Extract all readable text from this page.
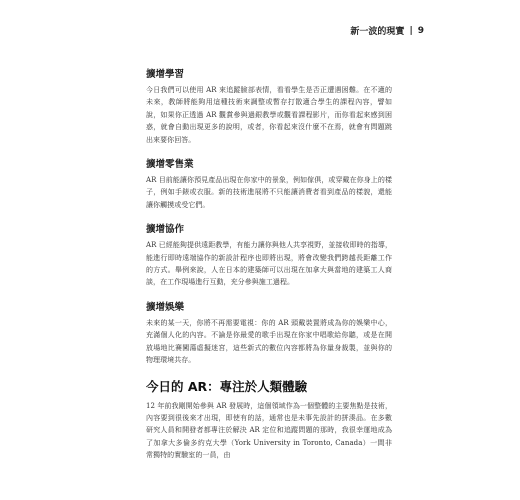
新一波的現實 | 9
擴增學習

今日我們可以使用 AR 來追蹤臉部表情，看看學生是否正遭遇困難。在不適的未來，教師將能夠用這種技術來調整或暫存打散適合學生的課程內容，譬如說，如果你正透過 AR 觀賞參與過銀教學或觀看課程影片，而你看起來感到困惑，就會自動出現更多的說明，或者，你看起來沒什麼不在焉，就會有問題跳出來要你回答。

擴增零售業

AR 目前能讓你預見產品出現在你家中的景象，例如傢俱，或穿戴在你身上的樣子，例如手錶或衣服。新的技術進展將不只能讓消費者看到產品的樣貌，還能讓你觸摸或受它們。

擴增協作

AR 已經能夠提供遠距教學，有能力讓你與他人共享視野，並接收即時的指導，能進行即時遠端協作的新設計程序也即將出現，將會改變我們跨越長距離工作的方式。舉例來說，人在日本的建築師可以出現在加拿大與當地的建築工人商談，在工作現場進行互動，充分參與施工過程。

擴增娛樂

未來的某一天，你將不再需要電視：你的 AR 頭戴裝置將成為你的娛樂中心，充滿個人化的內容。不論是你最愛的歌手出現在你家中唱歌給你聽，或是在開放場地比賽闖蕩虛擬迷宮，這些新式的數位內容都將為你量身裁製，並與你的物理環境共存。

今日的 AR：專注於人類體驗

12 年前我剛開始參與 AR 發展時，這個領域作為一個整體的主要焦點是技術，內容要到很後來才出現，即使有的話，通常也是未事先設計的拼湊品。在多數研究人員和開發者都專注於解決 AR 定位和追蹤問題的那時，我很幸運地成為了加拿大多倫多約克大學（York University in Toronto, Canada）一間非常獨特的實驗室的一員，由
